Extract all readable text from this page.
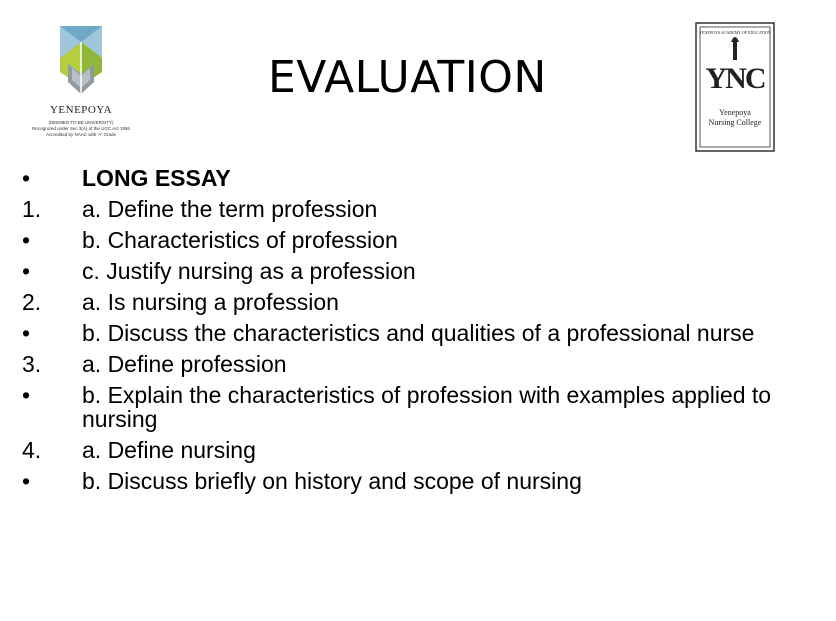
YENEPOYA
(DEEMED TO BE UNIVERSITY)
Recognized under Sec 3(A) of the UGC Act 1956
Accredited by NAAC with 'A' Grade
EVALUATION
YENEPOYA ACADEMY OF EDUCATION
YNC
Yenepoya
Nursing College
•	LONG ESSAY
1.	a. Define the term profession
•	b. Characteristics of profession
•	c. Justify nursing as a profession
2.	a. Is nursing a profession
•	b. Discuss the characteristics and qualities of a professional nurse
3.	a. Define profession
•	b. Explain the characteristics of profession with examples applied to nursing
4.	a. Define nursing
•	b. Discuss briefly on history and scope of nursing
